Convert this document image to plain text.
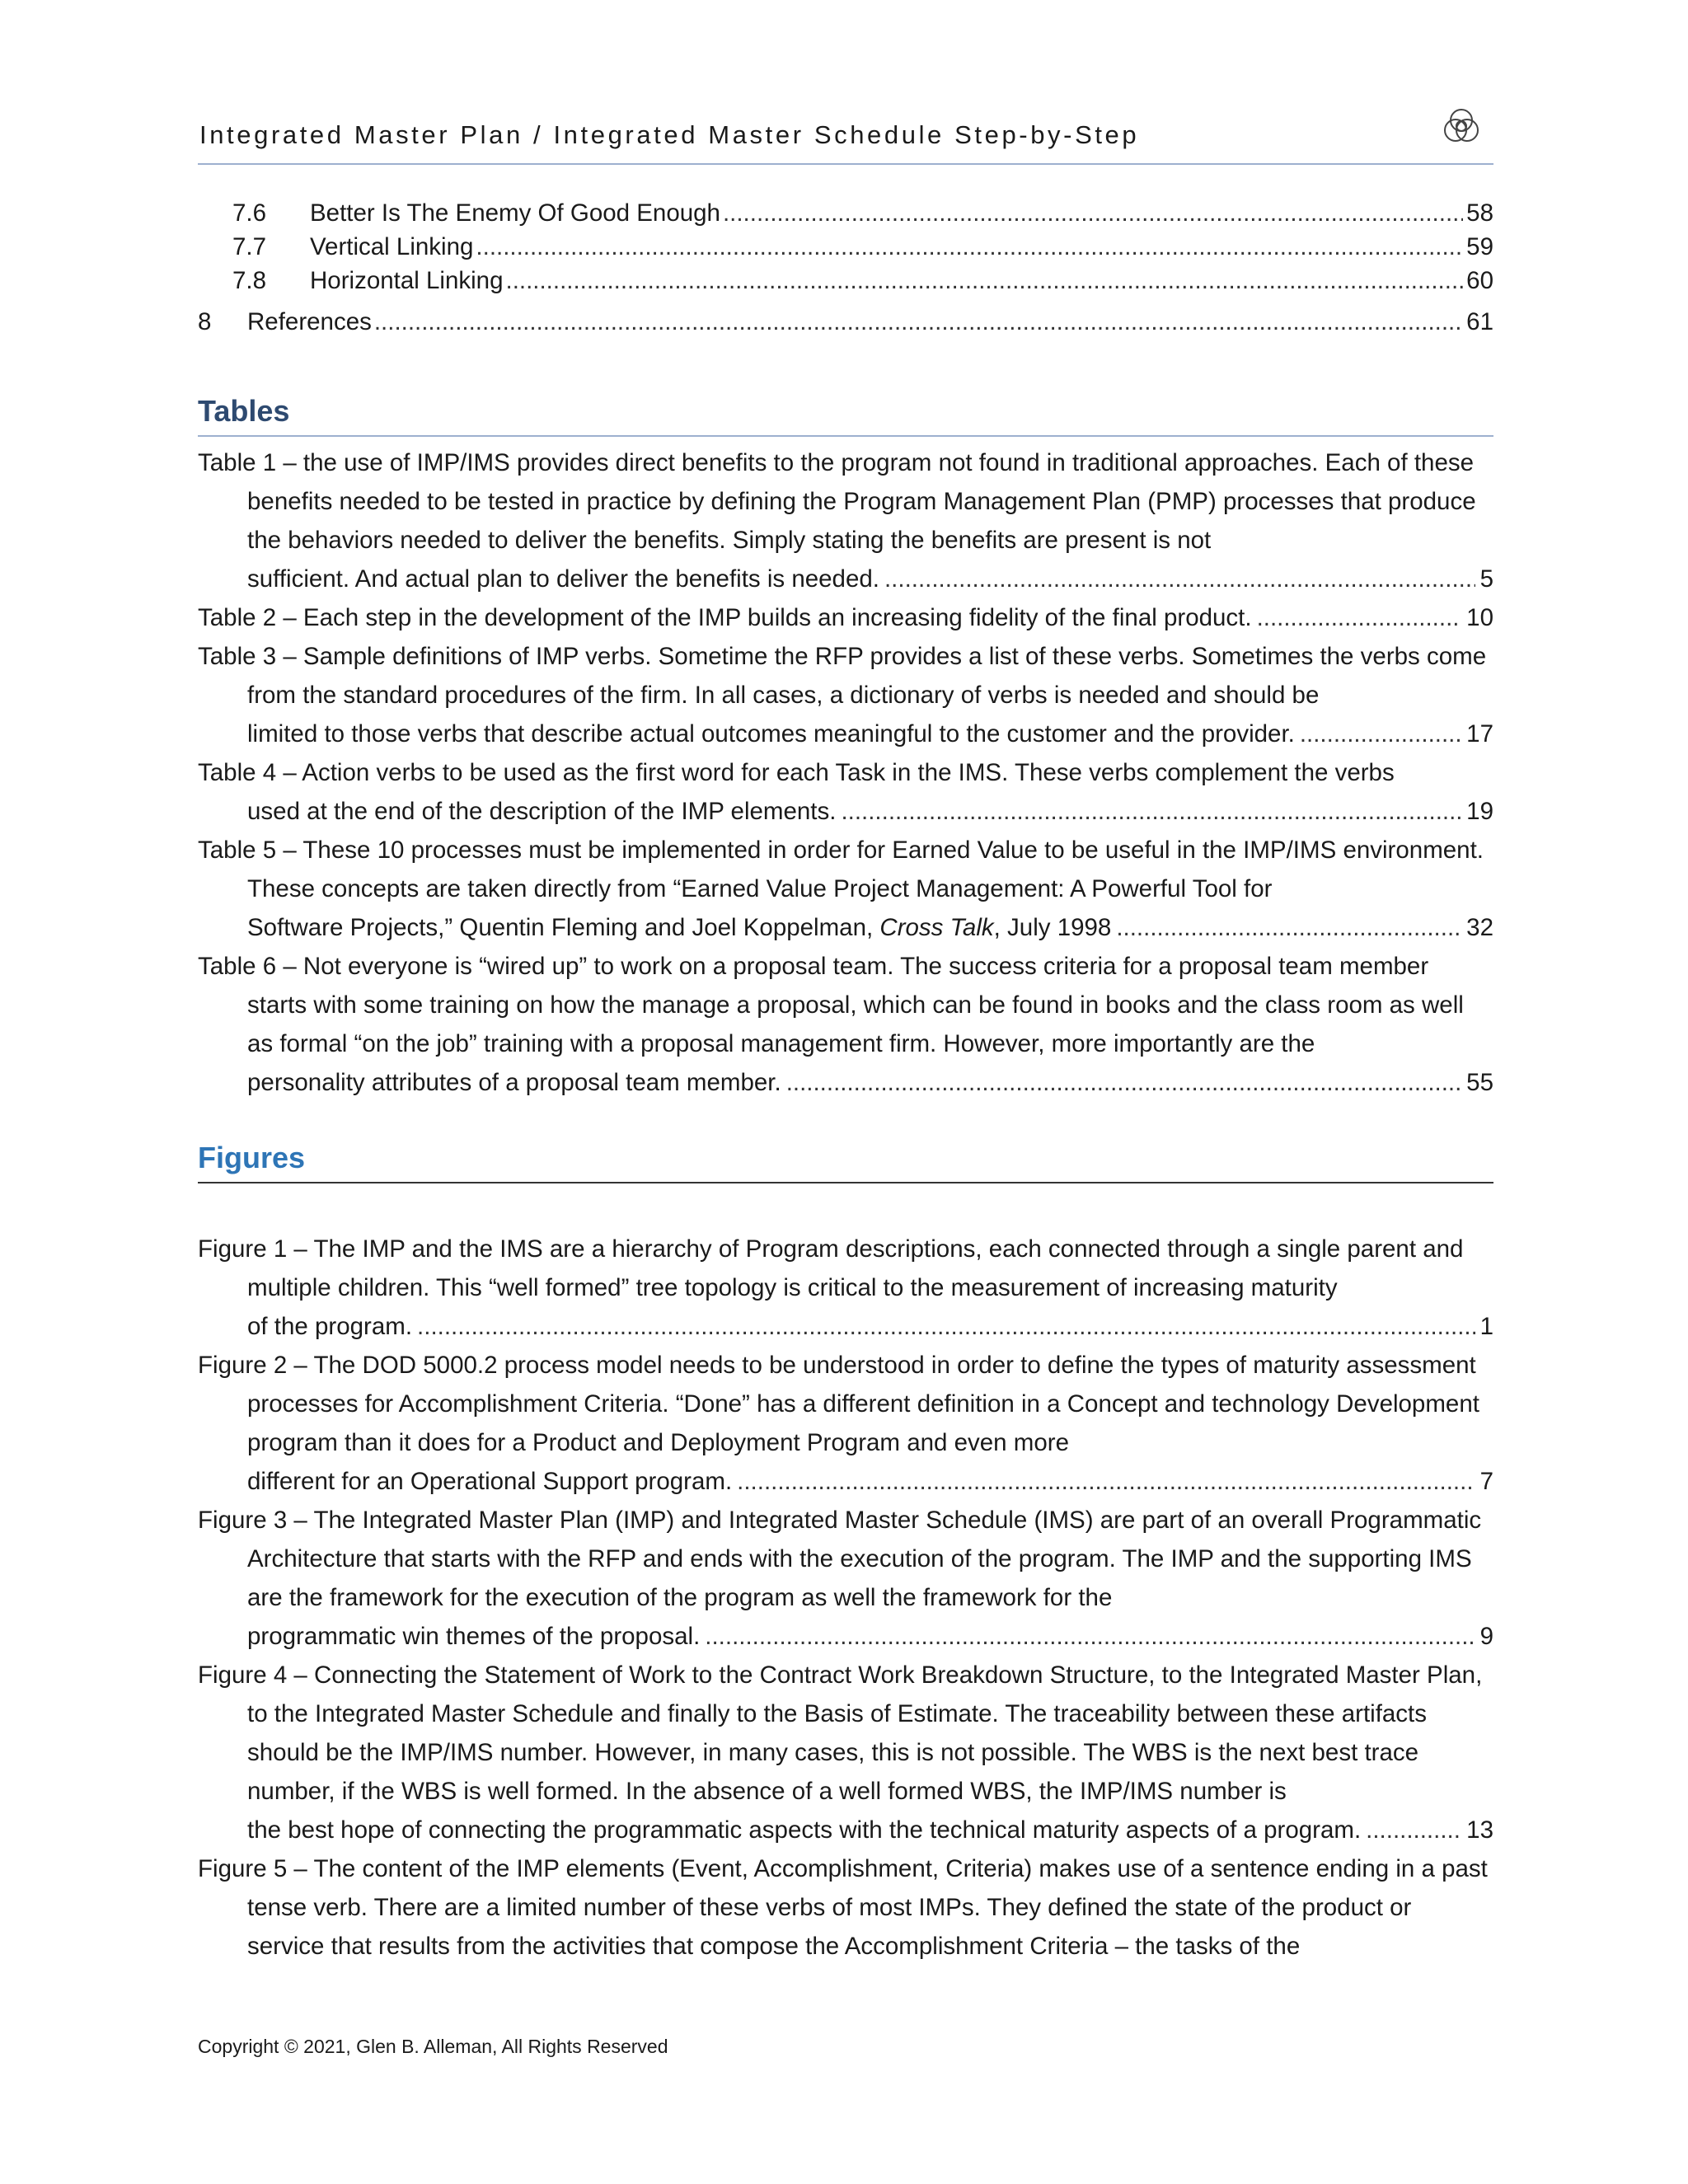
Integrated Master Plan / Integrated Master Schedule Step-by-Step
7.6	Better Is The Enemy Of Good Enough .....	58
7.7	Vertical Linking .....	59
7.8	Horizontal Linking .....	60
8	References .....	61
Tables
Table 1 – the use of IMP/IMS provides direct benefits to the program not found in traditional approaches. Each of these benefits needed to be tested in practice by defining the Program Management Plan (PMP) processes that produce the behaviors needed to deliver the benefits. Simply stating the benefits are present is not
sufficient. And actual plan to deliver the benefits is needed. .....	5
Table 2 – Each step in the development of the IMP builds an increasing fidelity of the final product. .....	10
Table 3 – Sample definitions of IMP verbs. Sometime the RFP provides a list of these verbs. Sometimes the verbs come from the standard procedures of the firm. In all cases, a dictionary of verbs is needed and should be
limited to those verbs that describe actual outcomes meaningful to the customer and the provider. .....	17
Table 4 – Action verbs to be used as the first word for each Task in the IMS. These verbs complement the verbs
used at the end of the description of the IMP elements. .....	19
Table 5 – These 10 processes must be implemented in order for Earned Value to be useful in the IMP/IMS environment. These concepts are taken directly from “Earned Value Project Management: A Powerful Tool for
Software Projects,” Quentin Fleming and Joel Koppelman, Cross Talk, July 1998 .....	32
Table 6 – Not everyone is “wired up” to work on a proposal team. The success criteria for a proposal team member starts with some training on how the manage a proposal, which can be found in books and the class room as well as formal “on the job” training with a proposal management firm. However, more importantly are the
personality attributes of a proposal team member. .....	55
Figures
Figure 1 – The IMP and the IMS are a hierarchy of Program descriptions, each connected through a single parent and multiple children. This “well formed” tree topology is critical to the measurement of increasing maturity
of the program. .....	1
Figure 2 – The DOD 5000.2 process model needs to be understood in order to define the types of maturity assessment processes for Accomplishment Criteria. “Done” has a different definition in a Concept and technology Development program than it does for a Product and Deployment Program and even more
different for an Operational Support program. .....	7
Figure 3 – The Integrated Master Plan (IMP) and Integrated Master Schedule (IMS) are part of an overall Programmatic Architecture that starts with the RFP and ends with the execution of the program. The IMP and the supporting IMS are the framework for the execution of the program as well the framework for the
programmatic win themes of the proposal. .....	9
Figure 4 – Connecting the Statement of Work to the Contract Work Breakdown Structure, to the Integrated Master Plan, to the Integrated Master Schedule and finally to the Basis of Estimate. The traceability between these artifacts should be the IMP/IMS number. However, in many cases, this is not possible. The WBS is the next best trace number, if the WBS is well formed. In the absence of a well formed WBS, the IMP/IMS number is
the best hope of connecting the programmatic aspects with the technical maturity aspects of a program. .....	13
Figure 5 – The content of the IMP elements (Event, Accomplishment, Criteria) makes use of a sentence ending in a past tense verb. There are a limited number of these verbs of most IMPs. They defined the state of the product or service that results from the activities that compose the Accomplishment Criteria – the tasks of the
Copyright © 2021, Glen B. Alleman, All Rights Reserved
